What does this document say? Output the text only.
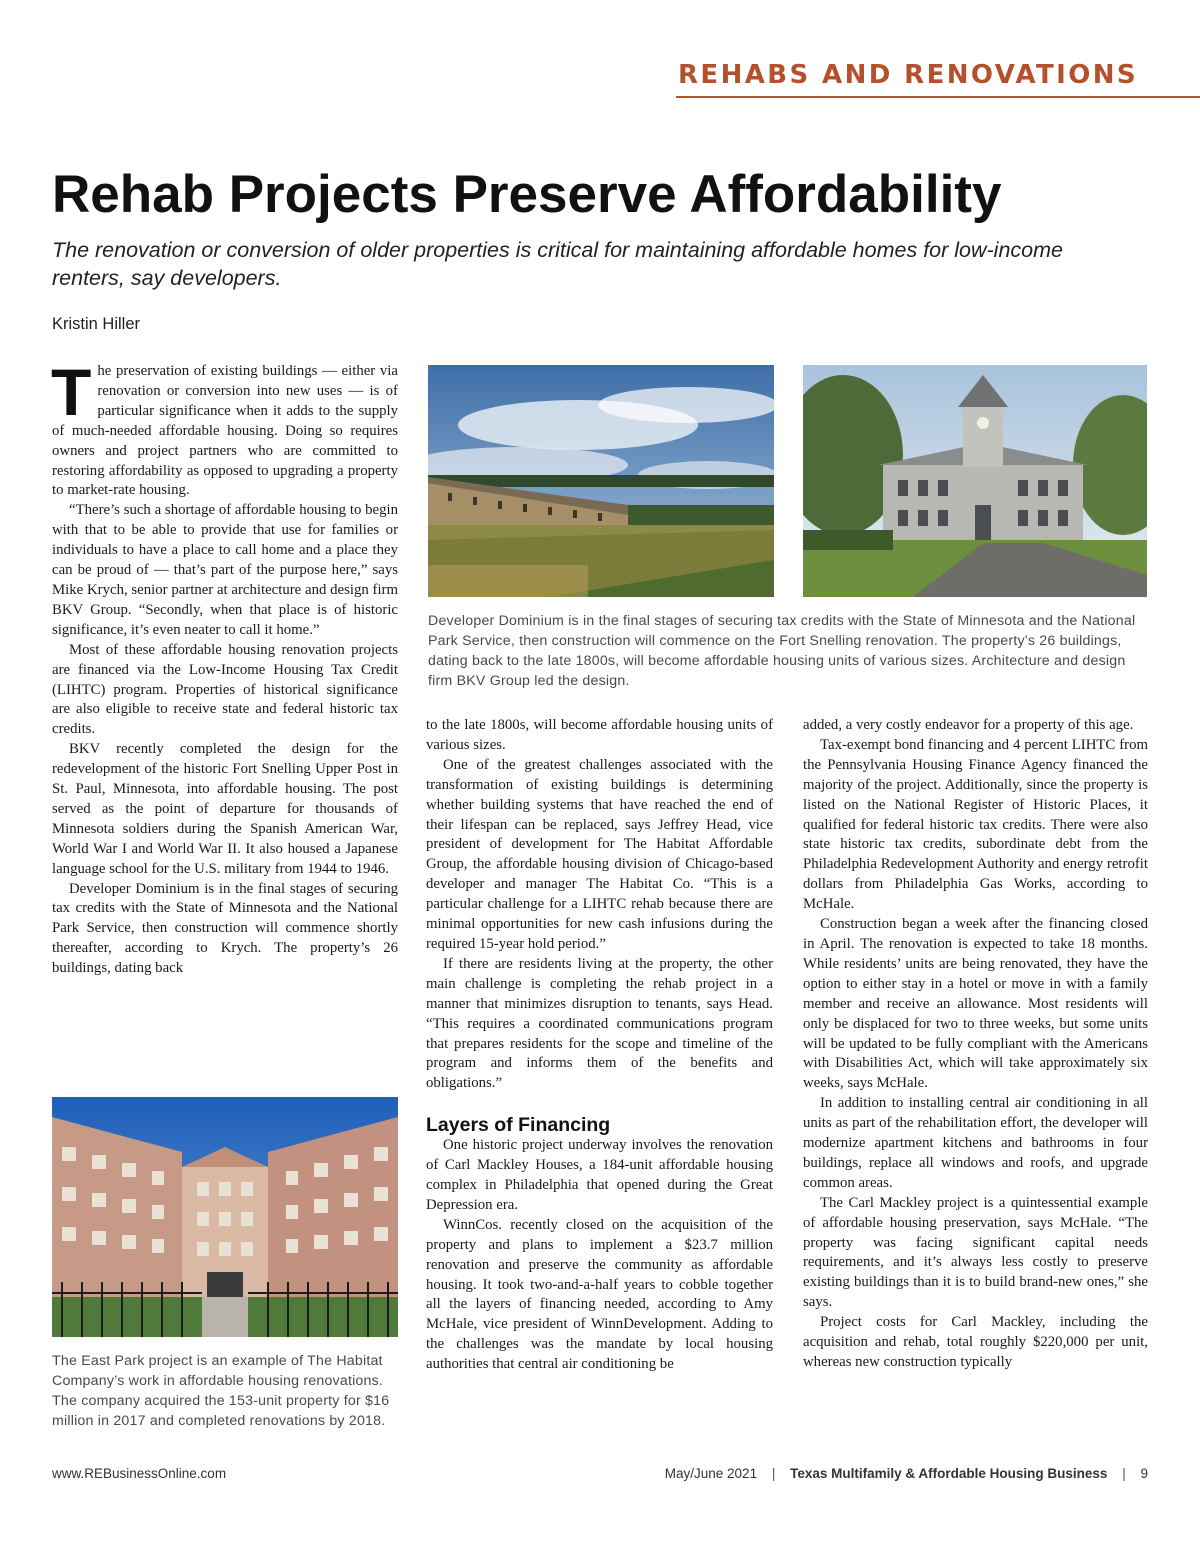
REHABS AND RENOVATIONS
Rehab Projects Preserve Affordability

The renovation or conversion of older properties is critical for maintaining affordable homes for low-income renters, say developers.

Kristin Hiller

The preservation of existing buildings — either via renovation or conversion into new uses — is of particular significance when it adds to the supply of much-needed affordable housing. Doing so requires owners and project partners who are committed to restoring affordability as opposed to upgrading a property to market-rate housing.

“There’s such a shortage of affordable housing to begin with that to be able to provide that use for families or individuals to have a place to call home and a place they can be proud of — that’s part of the purpose here,” says Mike Krych, senior partner at architecture and design firm BKV Group. “Secondly, when that place is of historic significance, it’s even neater to call it home.”

Most of these affordable housing renovation projects are financed via the Low-Income Housing Tax Credit (LIHTC) program. Properties of historical significance are also eligible to receive state and federal historic tax credits.

BKV recently completed the design for the redevelopment of the historic Fort Snelling Upper Post in St. Paul, Minnesota, into affordable housing. The post served as the point of departure for thousands of Minnesota soldiers during the Spanish American War, World War I and World War II. It also housed a Japanese language school for the U.S. military from 1944 to 1946.

Developer Dominium is in the final stages of securing tax credits with the State of Minnesota and the National Park Service, then construction will commence shortly thereafter, according to Krych. The property’s 26 buildings, dating back

Developer Dominium is in the final stages of securing tax credits with the State of Minnesota and the National Park Service, then construction will commence on the Fort Snelling renovation. The property’s 26 buildings, dating back to the late 1800s, will become affordable housing units of various sizes. Architecture and design firm BKV Group led the design.

The East Park project is an example of The Habitat Company’s work in affordable housing renovations. The company acquired the 153-unit property for $16 million in 2017 and completed renovations by 2018.

to the late 1800s, will become affordable housing units of various sizes.

One of the greatest challenges associated with the transformation of existing buildings is determining whether building systems that have reached the end of their lifespan can be replaced, says Jeffrey Head, vice president of development for The Habitat Affordable Group, the affordable housing division of Chicago-based developer and manager The Habitat Co. “This is a particular challenge for a LIHTC rehab because there are minimal opportunities for new cash infusions during the required 15-year hold period.”

If there are residents living at the property, the other main challenge is completing the rehab project in a manner that minimizes disruption to tenants, says Head. “This requires a coordinated communications program that prepares residents for the scope and timeline of the program and informs them of the benefits and obligations.”

Layers of Financing

One historic project underway involves the renovation of Carl Mackley Houses, a 184-unit affordable housing complex in Philadelphia that opened during the Great Depression era.

WinnCos. recently closed on the acquisition of the property and plans to implement a $23.7 million renovation and preserve the community as affordable housing. It took two-and-a-half years to cobble together all the layers of financing needed, according to Amy McHale, vice president of WinnDevelopment. Adding to the challenges was the mandate by local housing authorities that central air conditioning be

added, a very costly endeavor for a property of this age.

Tax-exempt bond financing and 4 percent LIHTC from the Pennsylvania Housing Finance Agency financed the majority of the project. Additionally, since the property is listed on the National Register of Historic Places, it qualified for federal historic tax credits. There were also state historic tax credits, subordinate debt from the Philadelphia Redevelopment Authority and energy retrofit dollars from Philadelphia Gas Works, according to McHale.

Construction began a week after the financing closed in April. The renovation is expected to take 18 months. While residents’ units are being renovated, they have the option to either stay in a hotel or move in with a family member and receive an allowance. Most residents will only be displaced for two to three weeks, but some units will be updated to be fully compliant with the Americans with Disabilities Act, which will take approximately six weeks, says McHale.

In addition to installing central air conditioning in all units as part of the rehabilitation effort, the developer will modernize apartment kitchens and bathrooms in four buildings, replace all windows and roofs, and upgrade common areas.

The Carl Mackley project is a quintessential example of affordable housing preservation, says McHale. “The property was facing significant capital needs requirements, and it’s always less costly to preserve existing buildings than it is to build brand-new ones,” she says.

Project costs for Carl Mackley, including the acquisition and rehab, total roughly $220,000 per unit, whereas new construction typically

www.REBusinessOnline.com	May/June 2021 | Texas Multifamily & Affordable Housing Business | 9
